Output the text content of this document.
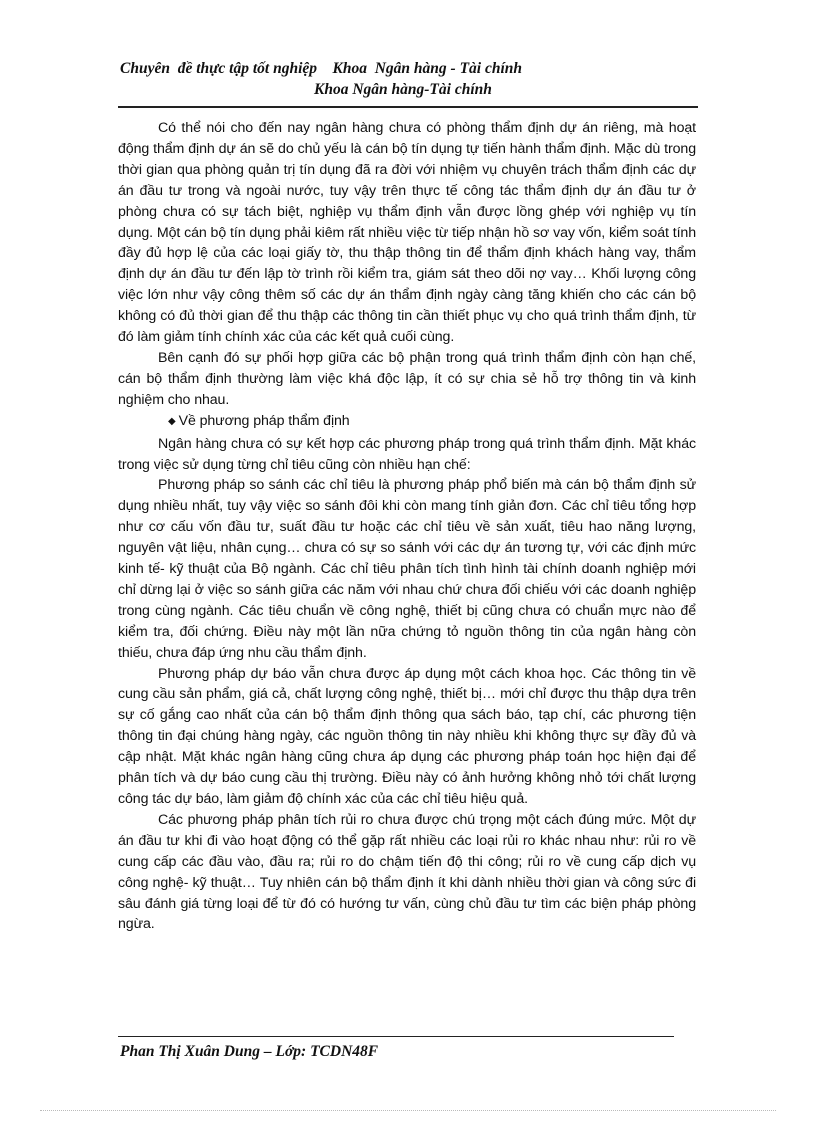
Chuyên  đề thực tập tốt nghiệp    Khoa  Ngân hàng - Tài chính
Khoa Ngân hàng-Tài chính

Có thể nói cho đến nay ngân hàng chưa có phòng thẩm định dự án riêng, mà hoạt động thẩm định dự án sẽ do chủ yếu là cán bộ tín dụng tự tiến hành thẩm định. Mặc dù trong thời gian qua phòng quản trị tín dụng đã ra đời với nhiệm vụ chuyên trách thẩm định các dự án đầu tư trong và ngoài nước, tuy vậy trên thực tế công tác thẩm định dự án đầu tư ở phòng chưa có sự tách biệt, nghiệp vụ thẩm định vẫn được lồng ghép với nghiệp vụ tín dụng. Một cán bộ tín dụng phải kiêm rất nhiều việc từ tiếp nhận hồ sơ vay vốn, kiểm soát tính đầy đủ hợp lệ của các loại giấy tờ, thu thập thông tin để thẩm định khách hàng vay, thẩm định dự án đầu tư đến lập tờ trình rồi kiểm tra, giám sát theo dõi nợ vay… Khối lượng công việc lớn như vậy công thêm số các dự án thẩm định ngày càng tăng khiến cho các cán bộ không có đủ thời gian để thu thập các thông tin cần thiết phục vụ cho quá trình thẩm định, từ đó làm giảm tính chính xác của các kết quả cuối cùng.

Bên cạnh đó sự phối hợp giữa các bộ phận trong quá trình thẩm định còn hạn chế, cán bộ thẩm định thường làm việc khá độc lập, ít có sự chia sẻ hỗ trợ thông tin và kinh nghiệm cho nhau.

◆ Về phương pháp thẩm định

Ngân hàng chưa có sự kết hợp các phương pháp trong quá trình thẩm định. Mặt khác trong việc sử dụng từng chỉ tiêu cũng còn nhiều hạn chế:

Phương pháp so sánh các chỉ tiêu là phương pháp phổ biến mà cán bộ thẩm định sử dụng nhiều nhất, tuy vậy việc so sánh đôi khi còn mang tính giản đơn. Các chỉ tiêu tổng hợp như cơ cấu vốn đầu tư, suất đầu tư hoặc các chỉ tiêu về sản xuất, tiêu hao năng lượng, nguyên vật liệu, nhân cụng… chưa có sự so sánh với các dự án tương tự, với các định mức kinh tế- kỹ thuật của Bộ ngành. Các chỉ tiêu phân tích tình hình tài chính doanh nghiệp mới chỉ dừng lại ở việc so sánh giữa các năm với nhau chứ chưa đối chiếu với các doanh nghiệp trong cùng ngành. Các tiêu chuẩn về công nghệ, thiết bị cũng chưa có chuẩn mực nào để kiểm tra, đối chứng. Điều này một lần nữa chứng tỏ nguồn thông tin của ngân hàng còn thiếu, chưa đáp ứng nhu cầu thẩm định.

Phương pháp dự báo vẫn chưa được áp dụng một cách khoa học. Các thông tin về cung cầu sản phẩm, giá cả, chất lượng công nghệ, thiết bị… mới chỉ được thu thập dựa trên sự cố gắng cao nhất của cán bộ thẩm định thông qua sách báo, tạp chí, các phương tiện thông tin đại chúng hàng ngày, các nguồn thông tin này nhiều khi không thực sự đầy đủ và cập nhật. Mặt khác ngân hàng cũng chưa áp dụng các phương pháp toán học hiện đại để phân tích và dự báo cung cầu thị trường. Điều này có ảnh hưởng không nhỏ tới chất lượng công tác dự báo, làm giảm độ chính xác của các chỉ tiêu hiệu quả.

Các phương pháp phân tích rủi ro chưa được chú trọng một cách đúng mức. Một dự án đầu tư khi đi vào hoạt động có thể gặp rất nhiều các loại rủi ro khác nhau như: rủi ro về cung cấp các đầu vào, đầu ra; rủi ro do chậm tiến độ thi công; rủi ro về cung cấp dịch vụ công nghệ- kỹ thuật… Tuy nhiên cán bộ thẩm định ít khi dành nhiều thời gian và công sức đi sâu đánh giá từng loại để từ đó có hướng tư vấn, cùng chủ đầu tư tìm các biện pháp phòng ngừa.

Phan Thị Xuân Dung – Lớp: TCDN48F
